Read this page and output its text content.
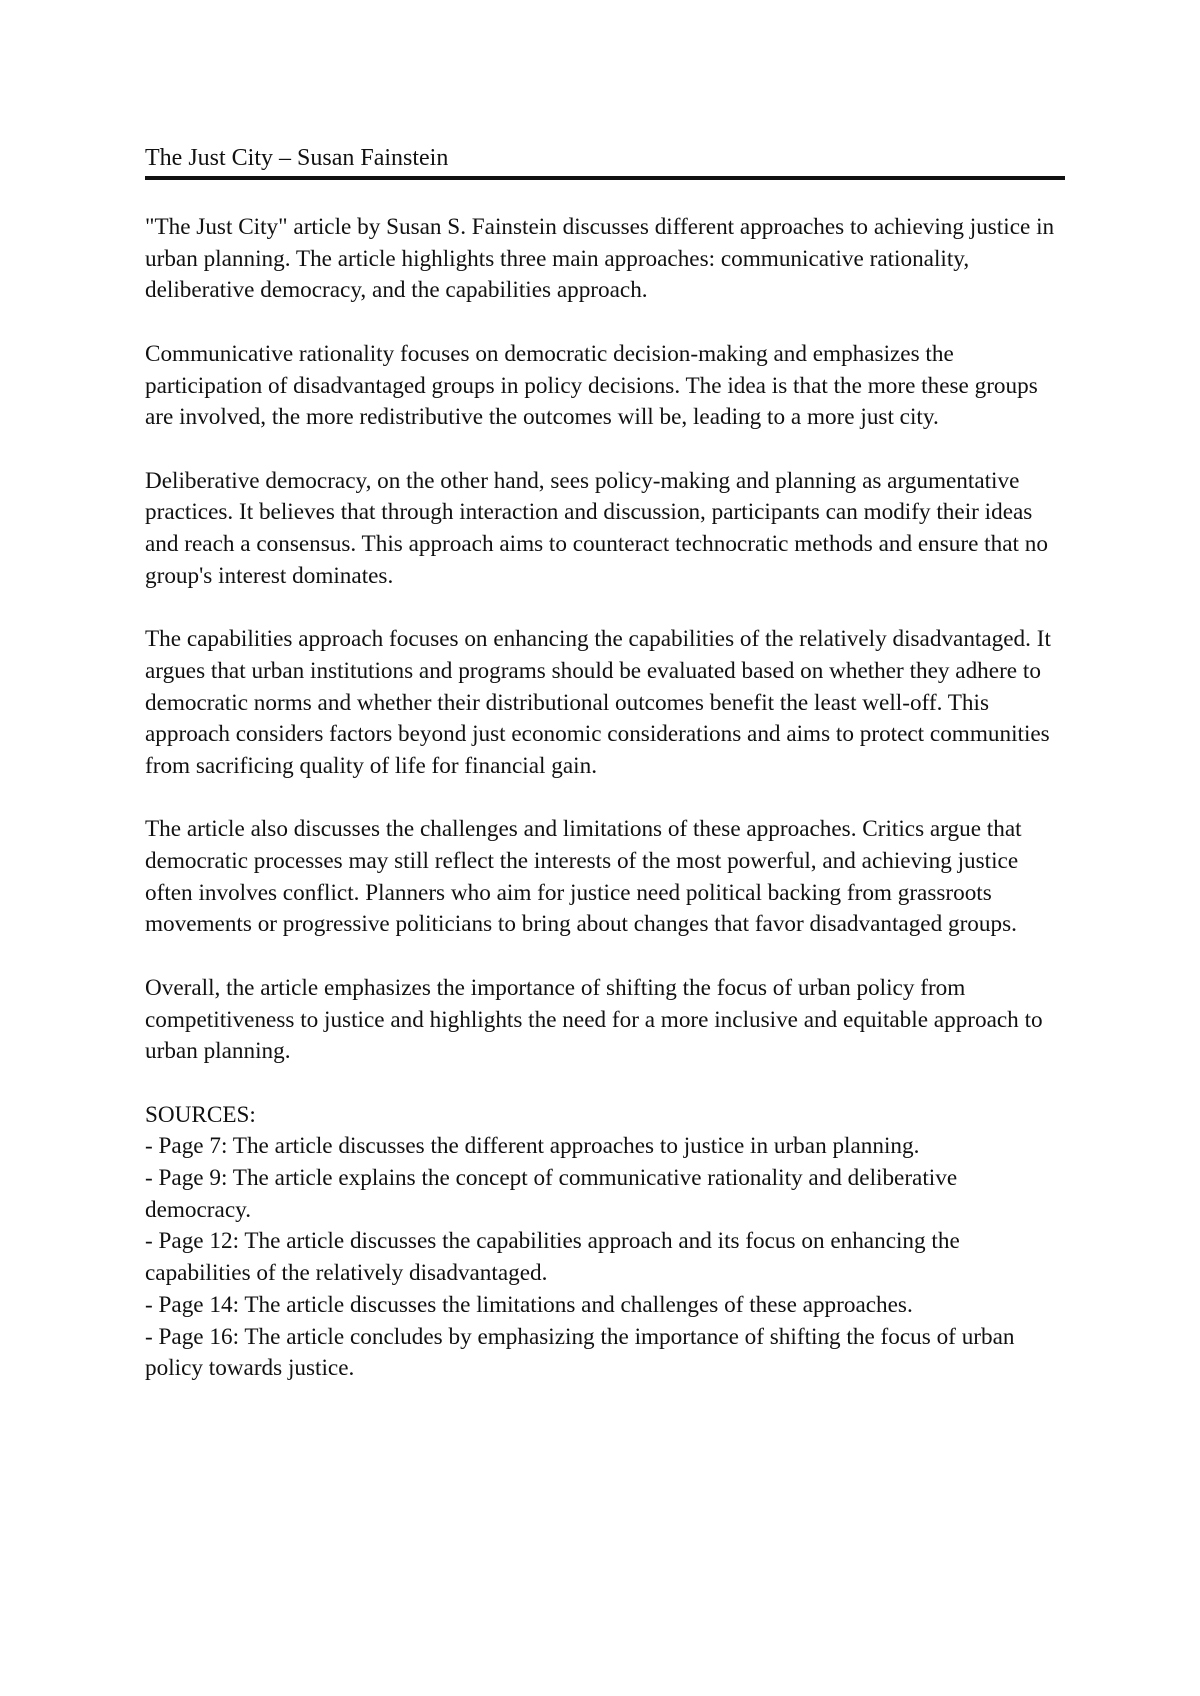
The Just City – Susan Fainstein

"The Just City" article by Susan S. Fainstein discusses different approaches to achieving justice in urban planning. The article highlights three main approaches: communicative rationality, deliberative democracy, and the capabilities approach.

Communicative rationality focuses on democratic decision-making and emphasizes the participation of disadvantaged groups in policy decisions. The idea is that the more these groups are involved, the more redistributive the outcomes will be, leading to a more just city.

Deliberative democracy, on the other hand, sees policy-making and planning as argumentative practices. It believes that through interaction and discussion, participants can modify their ideas and reach a consensus. This approach aims to counteract technocratic methods and ensure that no group's interest dominates.

The capabilities approach focuses on enhancing the capabilities of the relatively disadvantaged. It argues that urban institutions and programs should be evaluated based on whether they adhere to democratic norms and whether their distributional outcomes benefit the least well-off. This approach considers factors beyond just economic considerations and aims to protect communities from sacrificing quality of life for financial gain.

The article also discusses the challenges and limitations of these approaches. Critics argue that democratic processes may still reflect the interests of the most powerful, and achieving justice often involves conflict. Planners who aim for justice need political backing from grassroots movements or progressive politicians to bring about changes that favor disadvantaged groups.

Overall, the article emphasizes the importance of shifting the focus of urban policy from competitiveness to justice and highlights the need for a more inclusive and equitable approach to urban planning.

SOURCES:

- Page 7: The article discusses the different approaches to justice in urban planning.

- Page 9: The article explains the concept of communicative rationality and deliberative democracy.

- Page 12: The article discusses the capabilities approach and its focus on enhancing the capabilities of the relatively disadvantaged.

- Page 14: The article discusses the limitations and challenges of these approaches.

- Page 16: The article concludes by emphasizing the importance of shifting the focus of urban policy towards justice.
